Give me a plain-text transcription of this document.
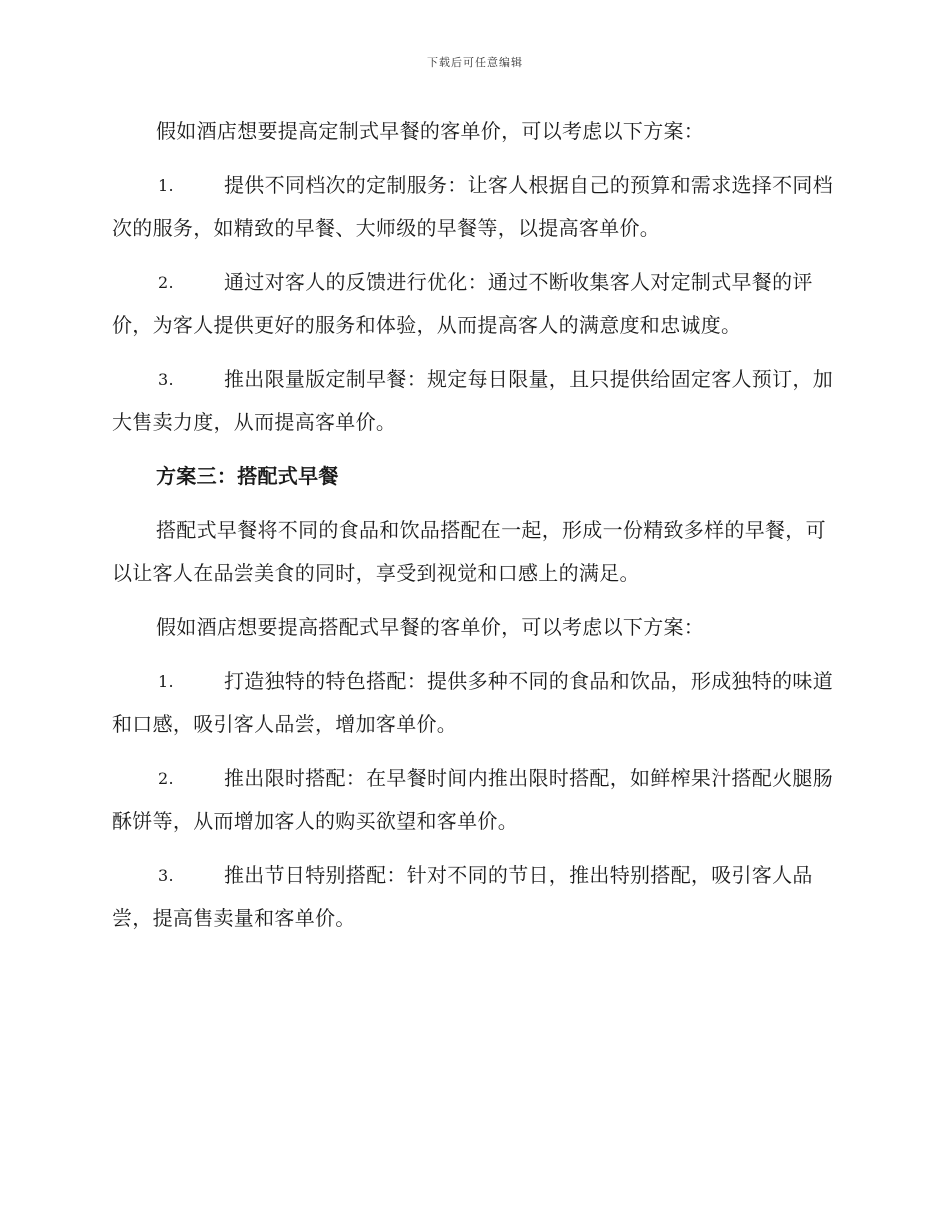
下载后可任意编辑

假如酒店想要提高定制式早餐的客单价，可以考虑以下方案：

1.	提供不同档次的定制服务：让客人根据自己的预算和需求选择不同档次的服务，如精致的早餐、大师级的早餐等，以提高客单价。
2.	通过对客人的反馈进行优化：通过不断收集客人对定制式早餐的评价，为客人提供更好的服务和体验，从而提高客人的满意度和忠诚度。
3.	推出限量版定制早餐：规定每日限量，且只提供给固定客人预订，加大售卖力度，从而提高客单价。

方案三：搭配式早餐

搭配式早餐将不同的食品和饮品搭配在一起，形成一份精致多样的早餐，可以让客人在品尝美食的同时，享受到视觉和口感上的满足。

假如酒店想要提高搭配式早餐的客单价，可以考虑以下方案：

1.	打造独特的特色搭配：提供多种不同的食品和饮品，形成独特的味道和口感，吸引客人品尝，增加客单价。
2.	推出限时搭配：在早餐时间内推出限时搭配，如鲜榨果汁搭配火腿肠酥饼等，从而增加客人的购买欲望和客单价。
3.	推出节日特别搭配：针对不同的节日，推出特别搭配，吸引客人品尝，提高售卖量和客单价。
